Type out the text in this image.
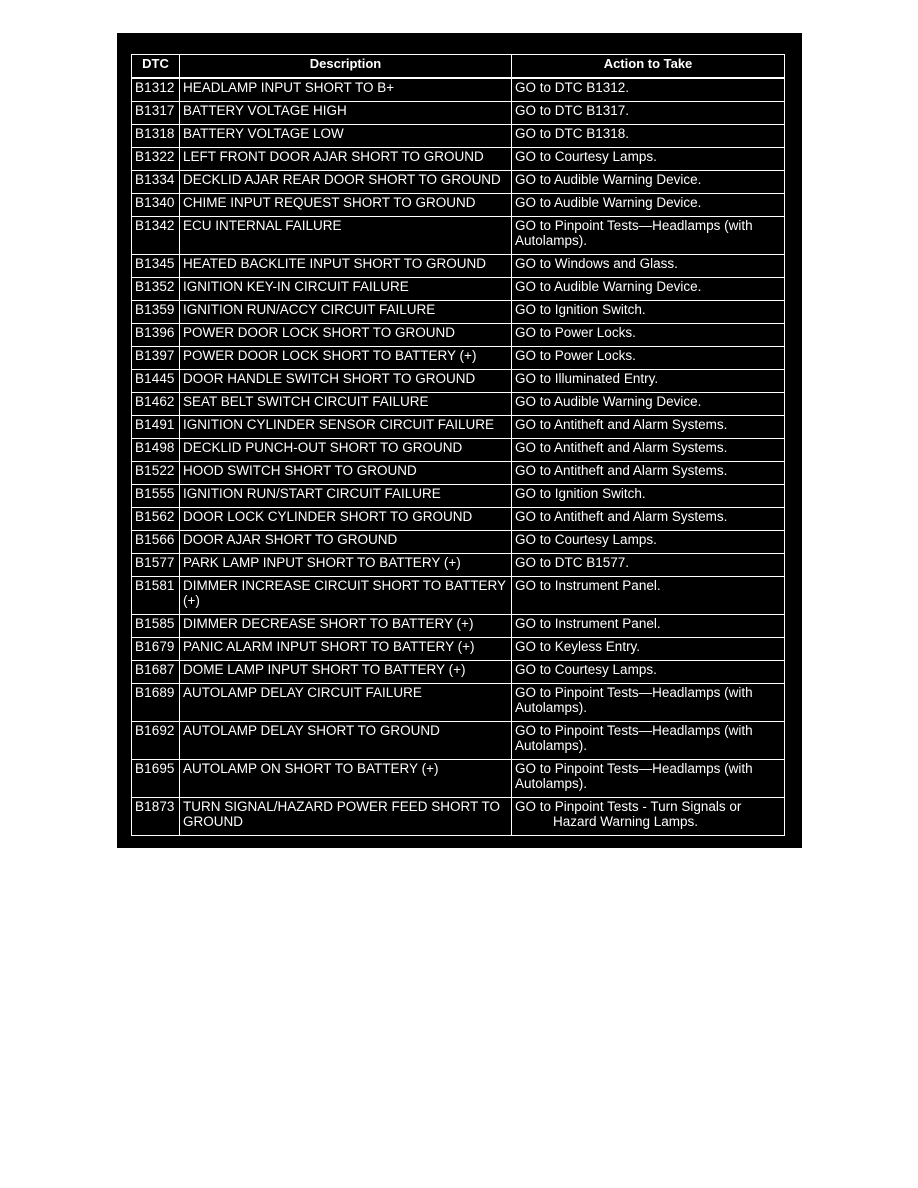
DTC	Description	Action to Take
B1312	HEADLAMP INPUT SHORT TO B+	GO to DTC B1312.
B1317	BATTERY VOLTAGE HIGH	GO to DTC B1317.
B1318	BATTERY VOLTAGE LOW	GO to DTC B1318.
B1322	LEFT FRONT DOOR AJAR SHORT TO GROUND	GO to Courtesy Lamps.
B1334	DECKLID AJAR REAR DOOR SHORT TO GROUND	GO to Audible Warning Device.
B1340	CHIME INPUT REQUEST SHORT TO GROUND	GO to Audible Warning Device.
B1342	ECU INTERNAL FAILURE	GO to Pinpoint Tests—Headlamps (with Autolamps).
B1345	HEATED BACKLITE INPUT SHORT TO GROUND	GO to Windows and Glass.
B1352	IGNITION KEY-IN CIRCUIT FAILURE	GO to Audible Warning Device.
B1359	IGNITION RUN/ACCY CIRCUIT FAILURE	GO to Ignition Switch.
B1396	POWER DOOR LOCK SHORT TO GROUND	GO to Power Locks.
B1397	POWER DOOR LOCK SHORT TO BATTERY (+)	GO to Power Locks.
B1445	DOOR HANDLE SWITCH SHORT TO GROUND	GO to Illuminated Entry.
B1462	SEAT BELT SWITCH CIRCUIT FAILURE	GO to Audible Warning Device.
B1491	IGNITION CYLINDER SENSOR CIRCUIT FAILURE	GO to Antitheft and Alarm Systems.
B1498	DECKLID PUNCH-OUT SHORT TO GROUND	GO to Antitheft and Alarm Systems.
B1522	HOOD SWITCH SHORT TO GROUND	GO to Antitheft and Alarm Systems.
B1555	IGNITION RUN/START CIRCUIT FAILURE	GO to Ignition Switch.
B1562	DOOR LOCK CYLINDER SHORT TO GROUND	GO to Antitheft and Alarm Systems.
B1566	DOOR AJAR SHORT TO GROUND	GO to Courtesy Lamps.
B1577	PARK LAMP INPUT SHORT TO BATTERY (+)	GO to DTC B1577.
B1581	DIMMER INCREASE CIRCUIT SHORT TO BATTERY (+)	GO to Instrument Panel.
B1585	DIMMER DECREASE SHORT TO BATTERY (+)	GO to Instrument Panel.
B1679	PANIC ALARM INPUT SHORT TO BATTERY (+)	GO to Keyless Entry.
B1687	DOME LAMP INPUT SHORT TO BATTERY (+)	GO to Courtesy Lamps.
B1689	AUTOLAMP DELAY CIRCUIT FAILURE	GO to Pinpoint Tests—Headlamps (with Autolamps).
B1692	AUTOLAMP DELAY SHORT TO GROUND	GO to Pinpoint Tests—Headlamps (with Autolamps).
B1695	AUTOLAMP ON SHORT TO BATTERY (+)	GO to Pinpoint Tests—Headlamps (with Autolamps).
B1873	TURN SIGNAL/HAZARD POWER FEED SHORT TO GROUND	GO to Pinpoint Tests - Turn Signals or
Hazard Warning Lamps.
